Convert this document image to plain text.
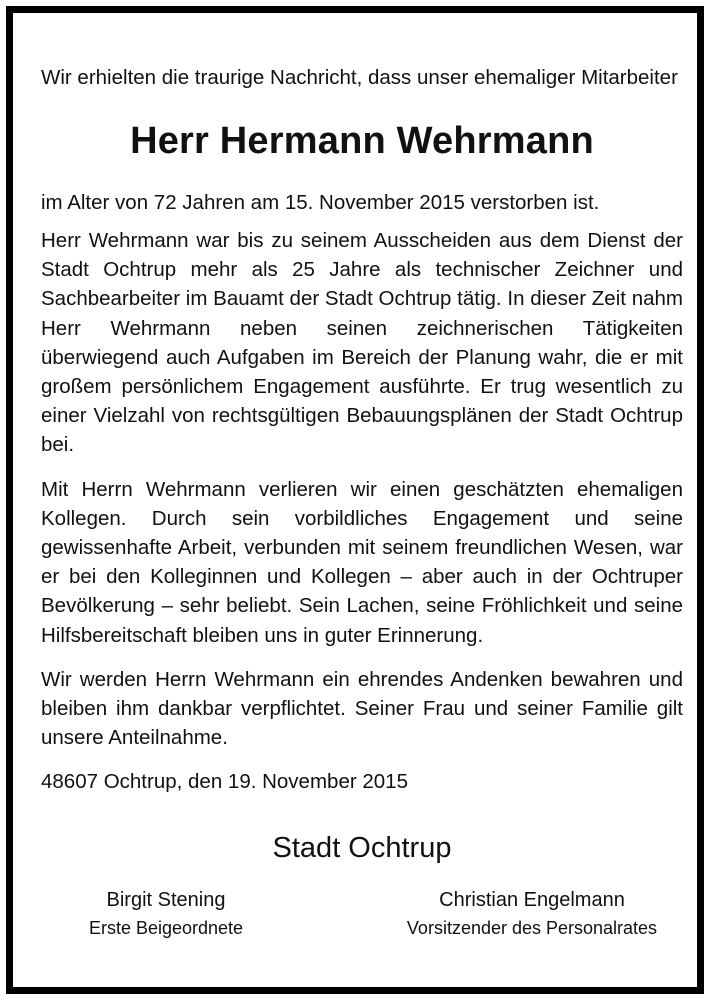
Wir erhielten die traurige Nachricht, dass unser ehemaliger Mitarbeiter

Herr Hermann Wehrmann

im Alter von 72 Jahren am 15. November 2015 verstorben ist.

Herr Wehrmann war bis zu seinem Ausscheiden aus dem Dienst der Stadt Ochtrup mehr als 25 Jahre als technischer Zeichner und Sachbearbeiter im Bauamt der Stadt Ochtrup tätig. In dieser Zeit nahm Herr Wehrmann neben seinen zeichnerischen Tätigkeiten überwiegend auch Aufgaben im Bereich der Planung wahr, die er mit großem persönlichem Engagement ausführte. Er trug wesentlich zu einer Vielzahl von rechtsgültigen Bebauungsplänen der Stadt Ochtrup bei.

Mit Herrn Wehrmann verlieren wir einen geschätzten ehemaligen Kollegen. Durch sein vorbildliches Engagement und seine gewissenhafte Arbeit, verbunden mit seinem freundlichen Wesen, war er bei den Kolleginnen und Kollegen – aber auch in der Ochtruper Bevölkerung – sehr beliebt. Sein Lachen, seine Fröhlichkeit und seine Hilfsbereitschaft bleiben uns in guter Erinnerung.

Wir werden Herrn Wehrmann ein ehrendes Andenken bewahren und bleiben ihm dankbar verpflichtet. Seiner Frau und seiner Familie gilt unsere Anteilnahme.

48607 Ochtrup, den 19. November 2015

Stadt Ochtrup
Birgit Stening
Erste Beigeordnete
Christian Engelmann
Vorsitzender des Personalrates
